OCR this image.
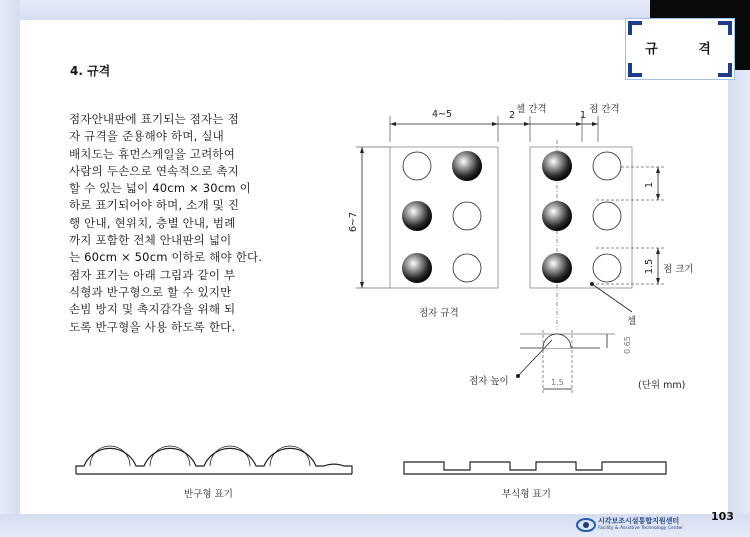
규 격
4. 규격

점자안내판에 표기되는 점자는 점

자 규격을 준용해야 하며, 실내

배치도는 휴먼스케일을 고려하여

사람의 두손으로 연속적으로 촉지

할 수 있는 넓이 40cm × 30cm 이

하로 표기되어야 하며, 소개 및 진

행 안내, 현위치, 층별 안내, 범례

까지 포함한 전체 안내판의 넓이

는 60cm × 50cm 이하로 해야 한다.

점자 표기는 아래 그림과 같이 부

식형과 반구형으로 할 수 있지만

손빔 방지 및 촉지감각을 위해 되

도록 반구형을 사용 하도록 한다.

4~5	2
셀 간격
1
점 간격
6~7
1
1.5 점 크기
점자 규격
셀
0.65
점자 높이	1.5	(단위 mm)
반구형 표기	부식형 표기
시각보조시설통합지원센터
Facility & Assistive Technology Center
103
